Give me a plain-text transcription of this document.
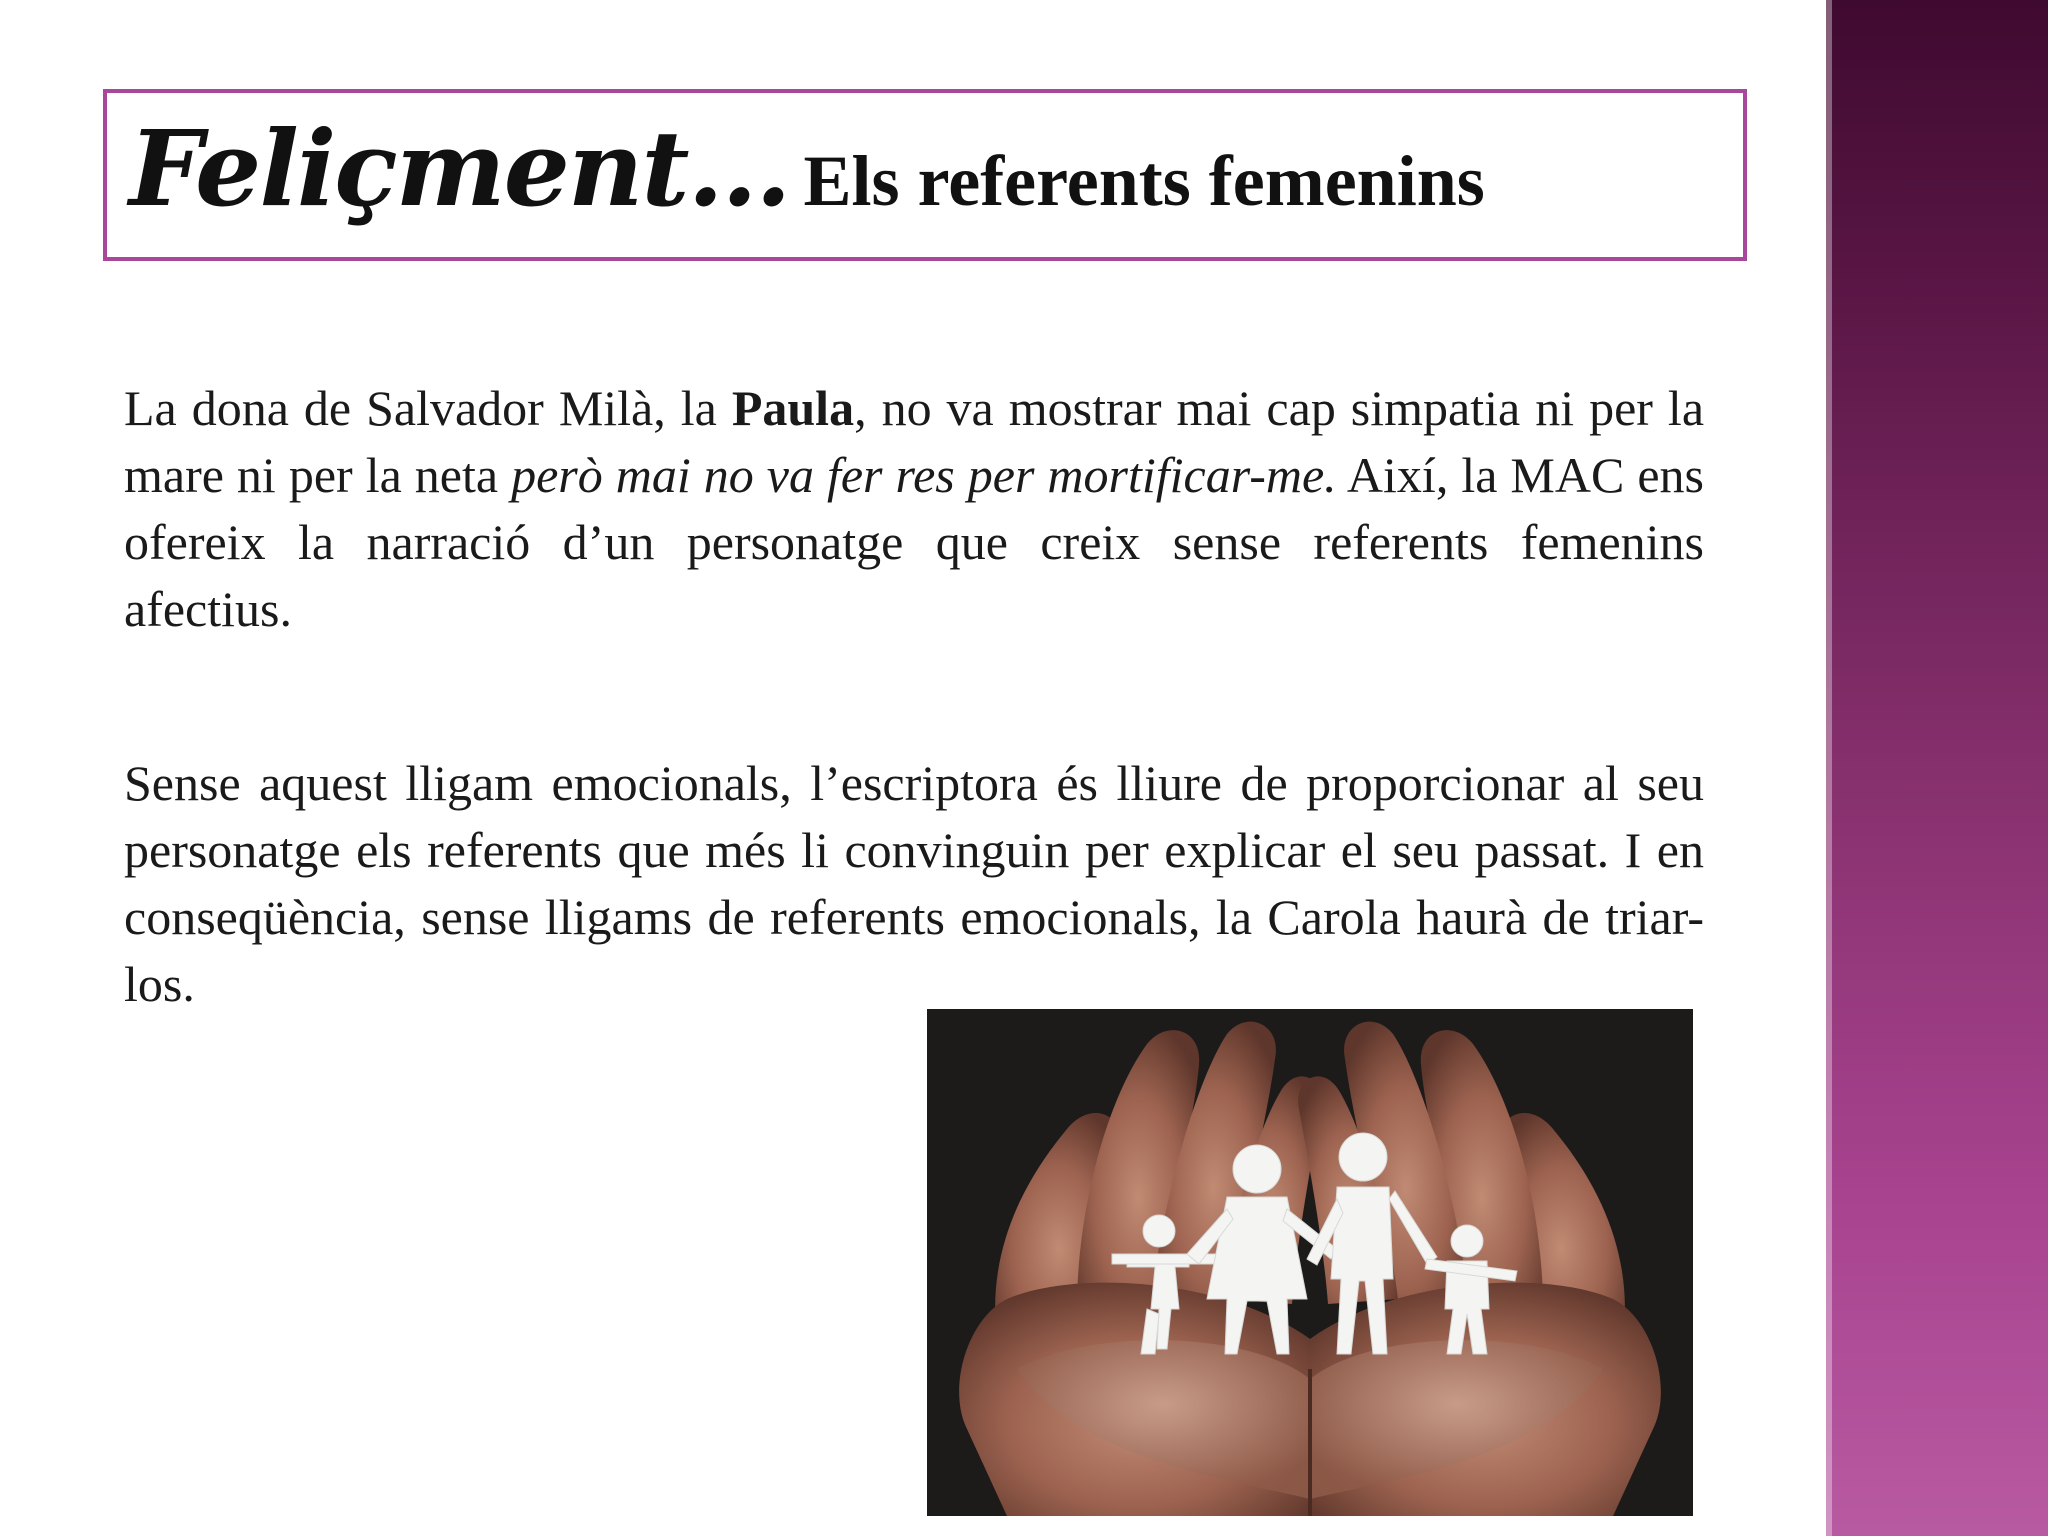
Feliçment… Els referents femenins

La dona de Salvador Milà, la Paula, no va mostrar mai cap simpatia ni per la mare ni per la neta però mai no va fer res per mortificar-me. Així, la MAC ens ofereix la narració d’un personatge que creix sense referents femenins afectius.

Sense aquest lligam emocionals, l’escriptora és lliure de proporcionar al seu personatge els referents que més li convinguin per explicar el seu passat. I en conseqüència, sense lligams de referents emocionals, la Carola haurà de triar-los.
